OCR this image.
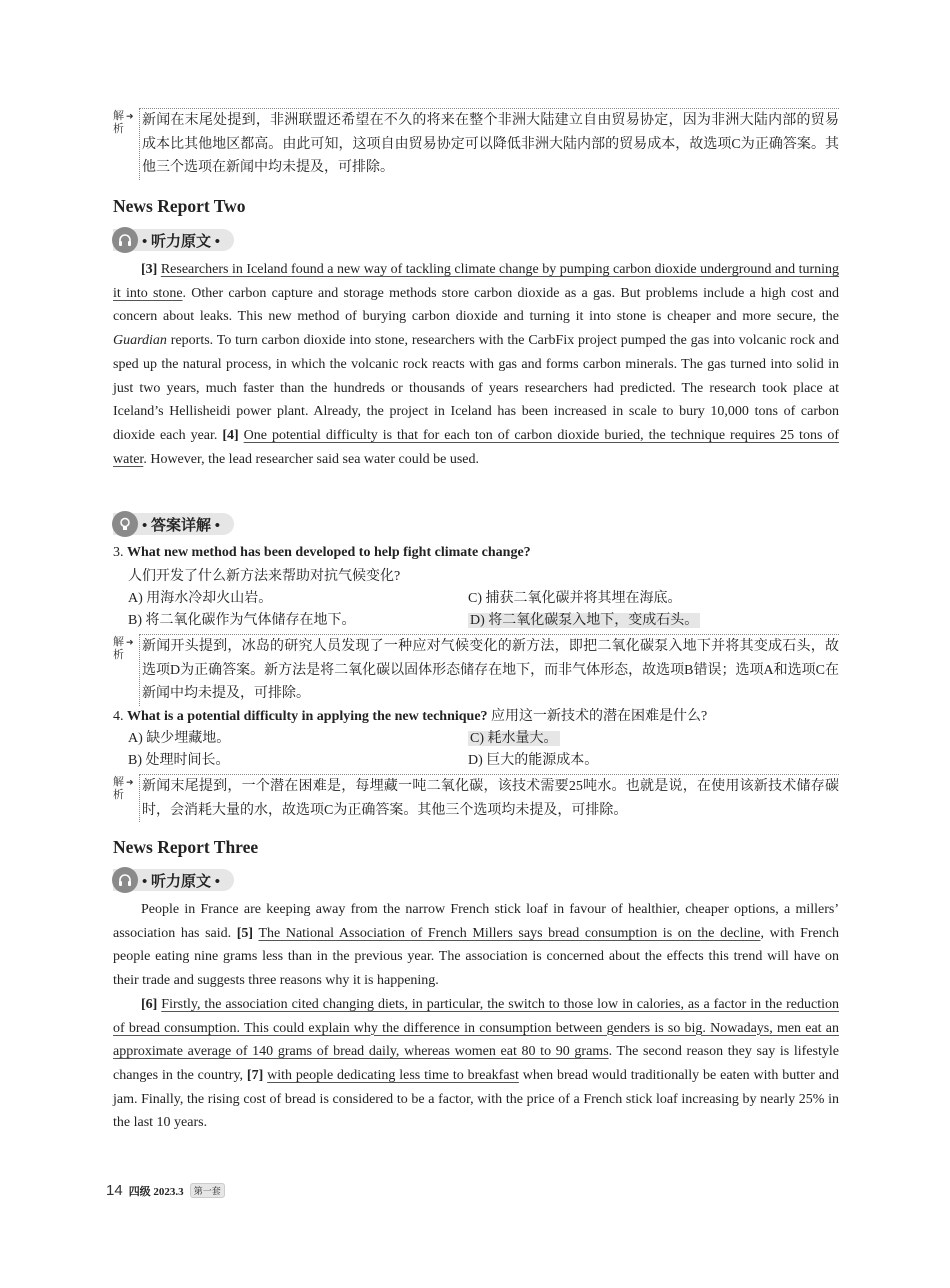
解析
➜ 新闻在末尾处提到，非洲联盟还希望在不久的将来在整个非洲大陆建立自由贸易协定，因为非洲大陆内部的贸易成本比其他地区都高。由此可知，这项自由贸易协定可以降低非洲大陆内部的贸易成本，故选项C为正确答案。其他三个选项在新闻中均未提及，可排除。
News Report Two
• 听力原文 •

[3] Researchers in Iceland found a new way of tackling climate change by pumping carbon dioxide underground and turning it into stone. Other carbon capture and storage methods store carbon dioxide as a gas. But problems include a high cost and concern about leaks. This new method of burying carbon dioxide and turning it into stone is cheaper and more secure, the Guardian reports. To turn carbon dioxide into stone, researchers with the CarbFix project pumped the gas into volcanic rock and sped up the natural process, in which the volcanic rock reacts with gas and forms carbon minerals. The gas turned into solid in just two years, much faster than the hundreds or thousands of years researchers had predicted. The research took place at Iceland’s Hellisheidi power plant. Already, the project in Iceland has been increased in scale to bury 10,000 tons of carbon dioxide each year. [4] One potential difficulty is that for each ton of carbon dioxide buried, the technique requires 25 tons of water. However, the lead researcher said sea water could be used.

• 答案详解 •
3. What new method has been developed to help fight climate change?
人们开发了什么新方法来帮助对抗气候变化?
A) 用海水冷却火山岩。	C) 捕获二氧化碳并将其埋在海底。
B) 将二氧化碳作为气体储存在地下。	D) 将二氧化碳泵入地下，变成石头。
解析
➜ 新闻开头提到，冰岛的研究人员发现了一种应对气候变化的新方法，即把二氧化碳泵入地下并将其变成石头，故选项D为正确答案。新方法是将二氧化碳以固体形态储存在地下，而非气体形态，故选项B错误；选项A和选项C在新闻中均未提及，可排除。
4. What is a potential difficulty in applying the new technique? 应用这一新技术的潜在困难是什么?
A) 缺少埋藏地。	C) 耗水量大。
B) 处理时间长。	D) 巨大的能源成本。
解析
➜ 新闻末尾提到，一个潜在困难是，每埋藏一吨二氧化碳，该技术需要25吨水。也就是说，在使用该新技术储存碳时，会消耗大量的水，故选项C为正确答案。其他三个选项均未提及，可排除。
News Report Three
• 听力原文 •

People in France are keeping away from the narrow French stick loaf in favour of healthier, cheaper options, a millers’ association has said. [5] The National Association of French Millers says bread consumption is on the decline, with French people eating nine grams less than in the previous year. The association is concerned about the effects this trend will have on their trade and suggests three reasons why it is happening.

[6] Firstly, the association cited changing diets, in particular, the switch to those low in calories, as a factor in the reduction of bread consumption. This could explain why the difference in consumption between genders is so big. Nowadays, men eat an approximate average of 140 grams of bread daily, whereas women eat 80 to 90 grams. The second reason they say is lifestyle changes in the country, [7] with people dedicating less time to breakfast when bread would traditionally be eaten with butter and jam. Finally, the rising cost of bread is considered to be a factor, with the price of a French stick loaf increasing by nearly 25% in the last 10 years.

14 四级 2023.3	第一套
